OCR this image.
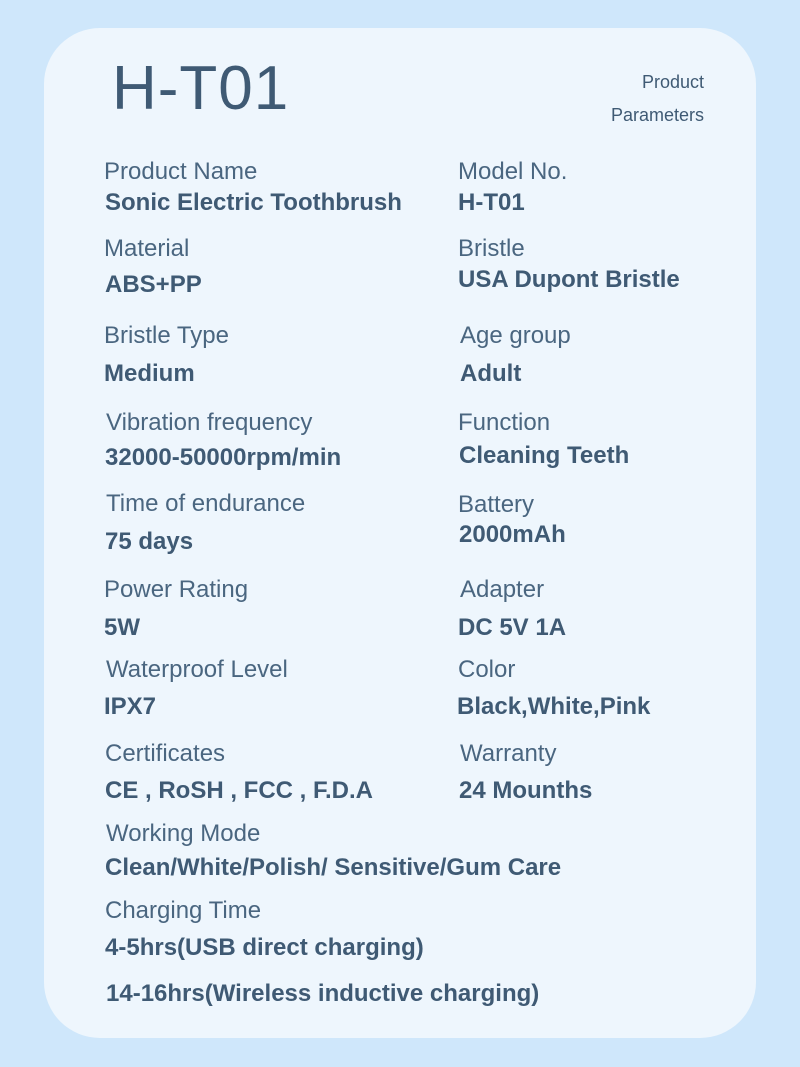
H-T01	Product
Parameters
Product Name
Sonic Electric Toothbrush
Model No.
H-T01
Material
ABS+PP
Bristle
USA Dupont Bristle
Bristle Type
Medium
Age group
Adult
Vibration frequency
32000-50000rpm/min
Function
Cleaning Teeth
Time of endurance
75 days
Battery
2000mAh
Power Rating
5W
Adapter
DC 5V 1A
Waterproof Level
IPX7
Color
Black,White,Pink
Certificates
CE , RoSH , FCC , F.D.A
Warranty
24 Mounths
Working Mode
Clean/White/Polish/ Sensitive/Gum Care
Charging Time
4-5hrs(USB direct charging)
14-16hrs(Wireless inductive charging)
